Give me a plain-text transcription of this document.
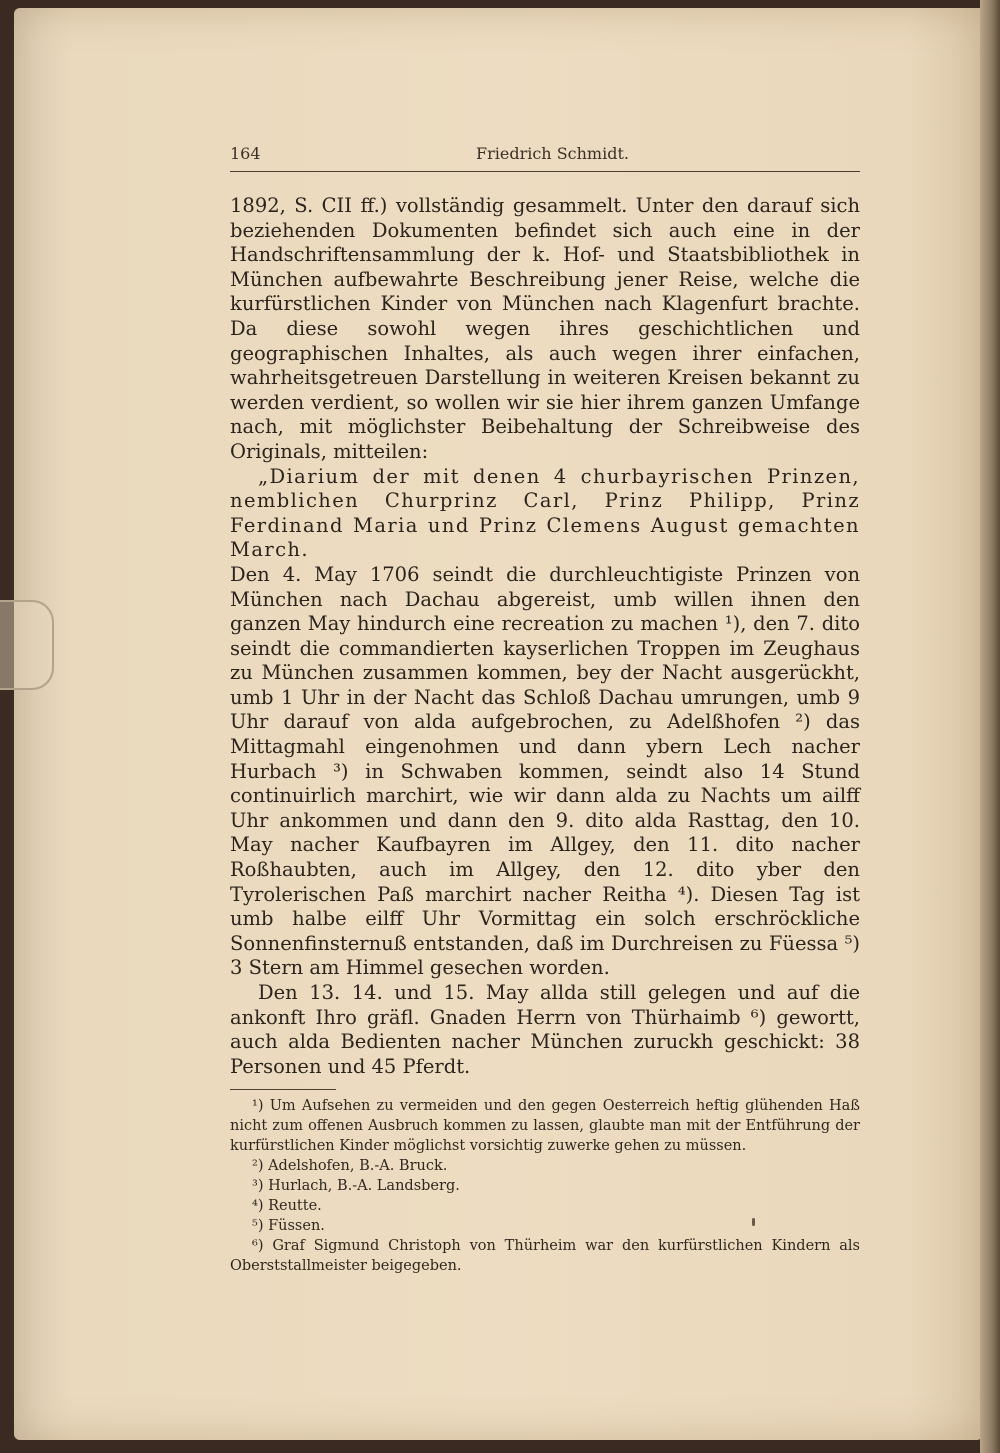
164	Friedrich Schmidt.

1892, S. CII ff.) vollständig gesammelt. Unter den darauf sich beziehenden Dokumenten befindet sich auch eine in der Handschriftensammlung der k. Hof- und Staatsbibliothek in München aufbewahrte Beschreibung jener Reise, welche die kurfürstlichen Kinder von München nach Klagenfurt brachte. Da diese sowohl wegen ihres geschichtlichen und geographischen Inhaltes, als auch wegen ihrer einfachen, wahrheitsgetreuen Darstellung in weiteren Kreisen bekannt zu werden verdient, so wollen wir sie hier ihrem ganzen Umfange nach, mit möglichster Beibehaltung der Schreibweise des Originals, mitteilen:

„Diarium der mit denen 4 churbayrischen Prinzen, nemblichen Churprinz Carl, Prinz Philipp, Prinz Ferdinand Maria und Prinz Clemens August gemachten March.

Den 4. May 1706 seindt die durchleuchtigiste Prinzen von München nach Dachau abgereist, umb willen ihnen den ganzen May hindurch eine recreation zu machen ¹), den 7. dito seindt die commandierten kayserlichen Troppen im Zeughaus zu München zusammen kommen, bey der Nacht ausgerückht, umb 1 Uhr in der Nacht das Schloß Dachau umrungen, umb 9 Uhr darauf von alda aufgebrochen, zu Adelßhofen ²) das Mittagmahl eingenohmen und dann ybern Lech nacher Hurbach ³) in Schwaben kommen, seindt also 14 Stund continuirlich marchirt, wie wir dann alda zu Nachts um ailff Uhr ankommen und dann den 9. dito alda Rasttag, den 10. May nacher Kaufbayren im Allgey, den 11. dito nacher Roßhaubten, auch im Allgey, den 12. dito yber den Tyrolerischen Paß marchirt nacher Reitha ⁴). Diesen Tag ist umb halbe eilff Uhr Vormittag ein solch erschröckliche Sonnenfinsternuß entstanden, daß im Durchreisen zu Füessa ⁵) 3 Stern am Himmel gesechen worden.

Den 13. 14. und 15. May allda still gelegen und auf die ankonft Ihro gräfl. Gnaden Herrn von Thürhaimb ⁶) gewortt, auch alda Bedienten nacher München zuruckh geschickt: 38 Personen und 45 Pferdt.

¹) Um Aufsehen zu vermeiden und den gegen Oesterreich heftig glühenden Haß nicht zum offenen Ausbruch kommen zu lassen, glaubte man mit der Entführung der kurfürstlichen Kinder möglichst vorsichtig zuwerke gehen zu müssen.

²) Adelshofen, B.-A. Bruck.

³) Hurlach, B.-A. Landsberg.

⁴) Reutte.

⁵) Füssen.

⁶) Graf Sigmund Christoph von Thürheim war den kurfürstlichen Kindern als Oberststallmeister beigegeben.
